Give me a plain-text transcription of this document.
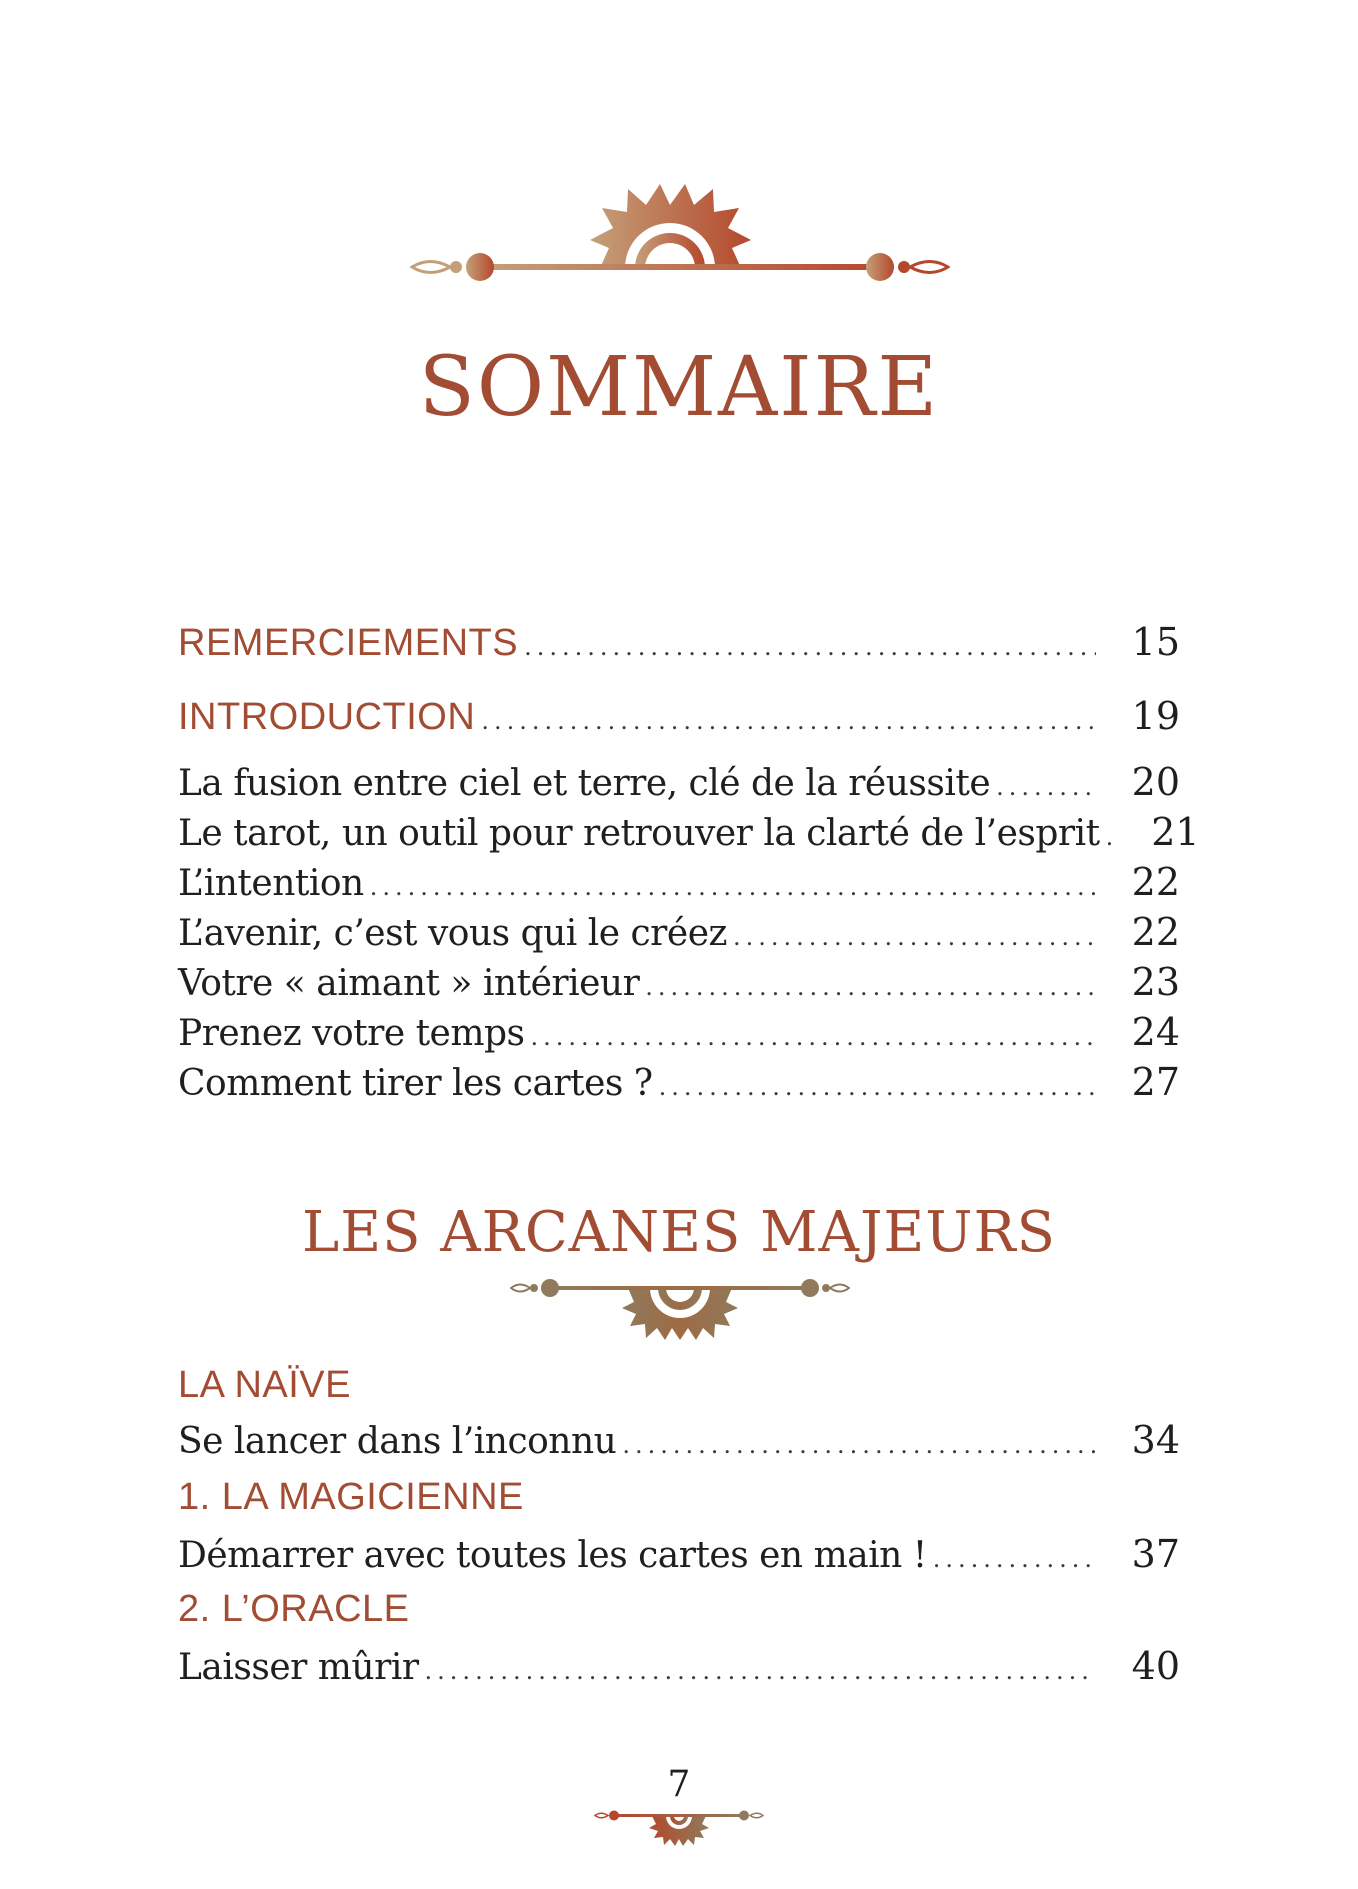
SOMMAIRE
REMERCIEMENTS .....	15
INTRODUCTION .....	19
La fusion entre ciel et terre, clé de la réussite .....	20
Le tarot, un outil pour retrouver la clarté de l’esprit ..... 21
L’intention .....	22
L’avenir, c’est vous qui le créez .....	22
Votre « aimant » intérieur .....	23
Prenez votre temps .....	24
Comment tirer les cartes ? .....	27
LES ARCANES MAJEURS
LA NAÏVE
Se lancer dans l’inconnu .....	34
1. LA MAGICIENNE
Démarrer avec toutes les cartes en main ! .....	37
2. L’ORACLE
Laisser mûrir .....	40
7
